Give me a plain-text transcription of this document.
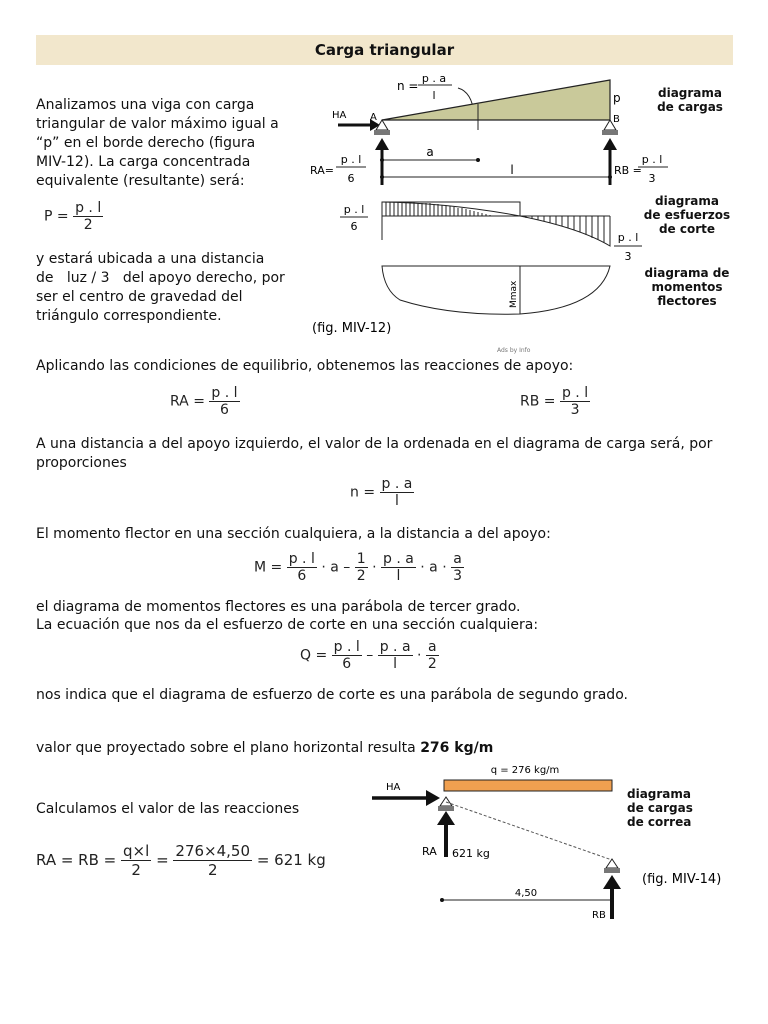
Carga triangular
Analizamos una viga con carga
triangular de valor máximo igual a
“p” en el borde derecho (figura
MIV-12). La carga concentrada
equivalente (resultante) será:
$P = \frac{p . l}{2}$
y estará ubicada a una distancia
de   luz / 3   del apoyo derecho, por
ser el centro de gravedad del
triángulo correspondiente.
n =
p . a
l	p
B
HA A
a
l
RA=
p . l
6
RB =
p . l
3
p . l
6
p . l
3
Mmax
(fig. MIV-12)
diagrama
de cargas
diagrama
de esfuerzos
de corte
diagrama de
momentos
flectores
Ads by Info
Aplicando las condiciones de equilibrio, obtenemos las reacciones de apoyo:
RA = $\frac{p . l}{6}$	RB = $\frac{p . l}{3}$
A una distancia a del apoyo izquierdo, el valor de la ordenada en el diagrama de carga será, por proporciones
$n = \frac{p . a}{l}$
El momento flector en una sección cualquiera, a la distancia a del apoyo:
$M = \frac{p . l}{6} \cdot a - \frac{1}{2} \cdot \frac{p . a}{l} \cdot a \cdot \frac{a}{3}$
el diagrama de momentos flectores es una parábola de tercer grado.
La ecuación que nos da el esfuerzo de corte en una sección cualquiera:
$Q = \frac{p . l}{6} - \frac{p . a}{l} \cdot \frac{a}{2}$
nos indica que el diagrama de esfuerzo de corte es una parábola de segundo grado.
valor que proyectado sobre el plano horizontal resulta 276 kg/m
Calculamos el valor de las reacciones
RA = RB = $\frac{q\times l}{2} = \frac{276\times 4,50}{2} = 621$ kg
q = 276 kg/m
HA
RA 621 kg
4,50
RB
(fig. MIV-14)
diagrama
de cargas
de correa
